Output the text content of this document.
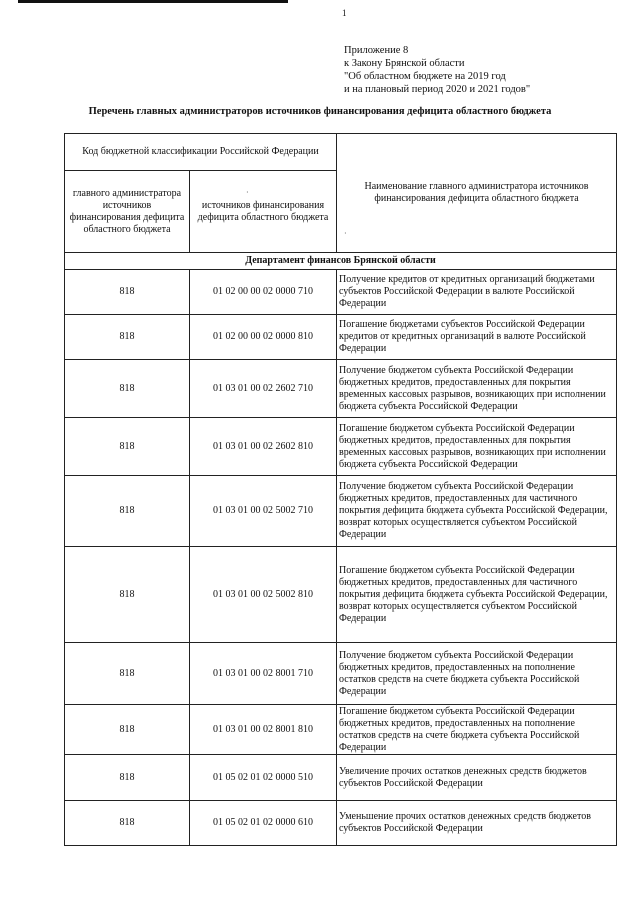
1
Приложение 8
к Закону Брянской области
"Об областном бюджете на 2019 год
и на плановый период 2020 и 2021 годов"
Перечень главных администраторов источников финансирования дефицита областного бюджета
Код бюджетной классификации Российской Федерации		Наименование главного администратора источников финансирования дефицита областного бюджета
главного администратора источников финансирования дефицита областного бюджета	источников финансирования дефицита областного бюджета	
Департамент финансов Брянской области		
818	01 02 00 00 02 0000 710	Получение кредитов от кредитных организаций бюджетами субъектов Российской Федерации в валюте Российской Федерации
818	01 02 00 00 02 0000 810	Погашение бюджетами субъектов Российской Федерации кредитов от кредитных организаций в валюте Российской Федерации
818	01 03 01 00 02 2602 710	Получение бюджетом субъекта Российской Федерации бюджетных кредитов, предоставленных для покрытия временных кассовых разрывов, возникающих при исполнении бюджета субъекта Российской Федерации
818	01 03 01 00 02 2602 810	Погашение бюджетом субъекта Российской Федерации бюджетных кредитов, предоставленных для покрытия временных кассовых разрывов, возникающих при исполнении бюджета субъекта Российской Федерации
818	01 03 01 00 02 5002 710	Получение бюджетом субъекта Российской Федерации бюджетных кредитов, предоставленных для частичного покрытия дефицита бюджета субъекта Российской Федерации, возврат которых осуществляется субъектом Российской Федерации
818	01 03 01 00 02 5002 810	Погашение бюджетом субъекта Российской Федерации бюджетных кредитов, предоставленных для частичного покрытия дефицита бюджета субъекта Российской Федерации, возврат которых осуществляется субъектом Российской Федерации
818	01 03 01 00 02 8001 710	Получение бюджетом субъекта Российской Федерации бюджетных кредитов, предоставленных на пополнение остатков средств на счете бюджета субъекта Российской Федерации
818	01 03 01 00 02 8001 810	Погашение бюджетом субъекта Российской Федерации бюджетных кредитов, предоставленных на пополнение остатков средств на счете бюджета субъекта Российской Федерации
818	01 05 02 01 02 0000 510	Увеличение прочих остатков денежных средств бюджетов субъектов Российской Федерации
818	01 05 02 01 02 0000 610	Уменьшение прочих остатков денежных средств бюджетов субъектов Российской Федерации
·
·
